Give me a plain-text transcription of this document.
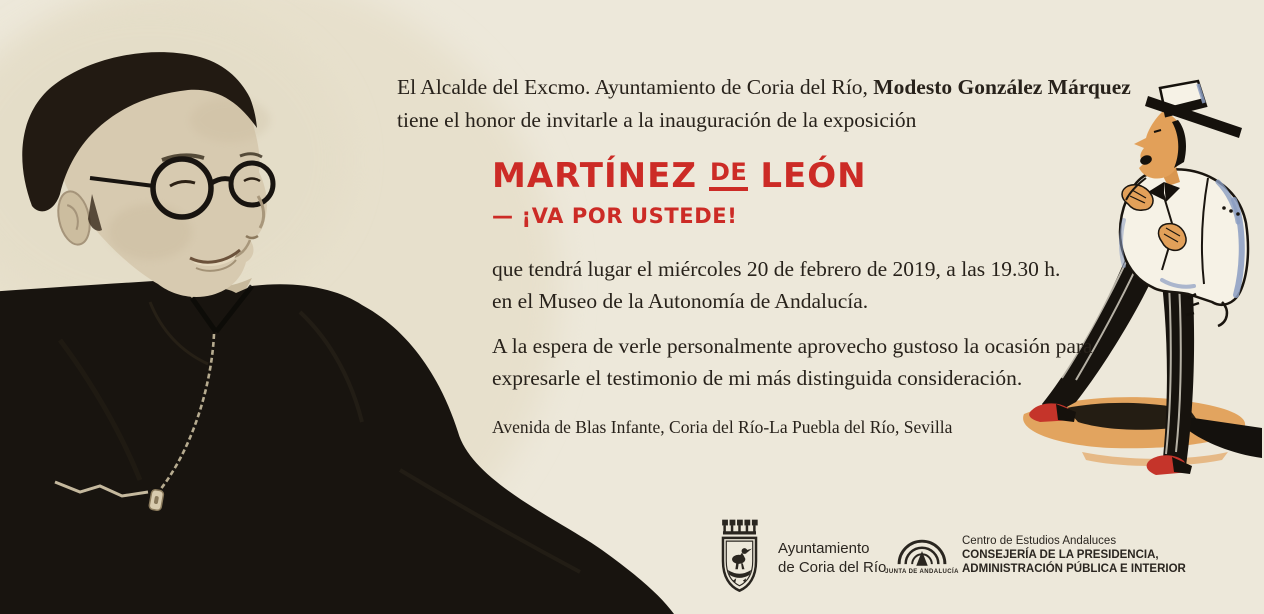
El Alcalde del Excmo. Ayuntamiento de Coria del Río, Modesto González Márquez
tiene el honor de invitarle a la inauguración de la exposición
MARTÍNEZ DE LEÓN
— ¡VA POR USTEDE!
que tendrá lugar el miércoles 20 de febrero de 2019, a las 19.30 h.
en el Museo de la Autonomía de Andalucía.
A la espera de verle personalmente aprovecho gustoso la ocasión para
expresarle el testimonio de mi más distinguida consideración.
Avenida de Blas Infante, Coria del Río-La Puebla del Río, Sevilla
Ayuntamiento
de Coria del Río
JUNTA DE ANDALUCÍA
Centro de Estudios Andaluces
CONSEJERÍA DE LA PRESIDENCIA,
ADMINISTRACIÓN PÚBLICA E INTERIOR
